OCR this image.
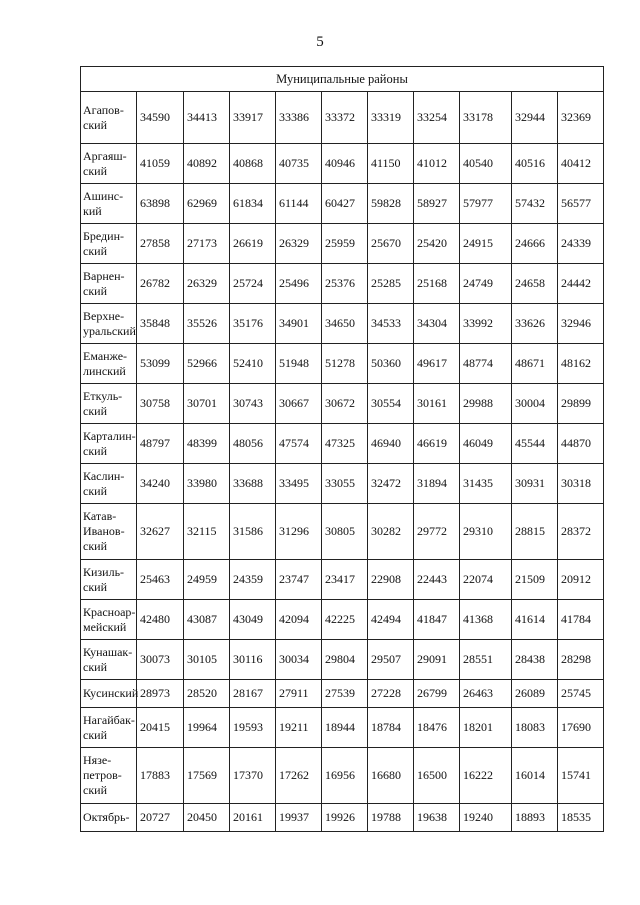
5
Муниципальные районы										
Агапов-
ский	34590	34413	33917	33386	33372	33319	33254	33178	32944	32369
Аргаяш-
ский	41059	40892	40868	40735	40946	41150	41012	40540	40516	40412
Ашинс-
кий	63898	62969	61834	61144	60427	59828	58927	57977	57432	56577
Бредин-
ский	27858	27173	26619	26329	25959	25670	25420	24915	24666	24339
Варнен-
ский	26782	26329	25724	25496	25376	25285	25168	24749	24658	24442
Верхне-
уральский	35848	35526	35176	34901	34650	34533	34304	33992	33626	32946
Еманже-
линский	53099	52966	52410	51948	51278	50360	49617	48774	48671	48162
Еткуль-
ский	30758	30701	30743	30667	30672	30554	30161	29988	30004	29899
Карталин-
ский	48797	48399	48056	47574	47325	46940	46619	46049	45544	44870
Каслин-
ский	34240	33980	33688	33495	33055	32472	31894	31435	30931	30318
Катав-
Иванов-
ский	32627	32115	31586	31296	30805	30282	29772	29310	28815	28372
Кизиль-
ский	25463	24959	24359	23747	23417	22908	22443	22074	21509	20912
Красноар-
мейский	42480	43087	43049	42094	42225	42494	41847	41368	41614	41784
Кунашак-
ский	30073	30105	30116	30034	29804	29507	29091	28551	28438	28298
Кусинский	28973	28520	28167	27911	27539	27228	26799	26463	26089	25745
Нагайбак-
ский	20415	19964	19593	19211	18944	18784	18476	18201	18083	17690
Нязе-
петров-
ский	17883	17569	17370	17262	16956	16680	16500	16222	16014	15741
Октябрь-	20727	20450	20161	19937	19926	19788	19638	19240	18893	18535
